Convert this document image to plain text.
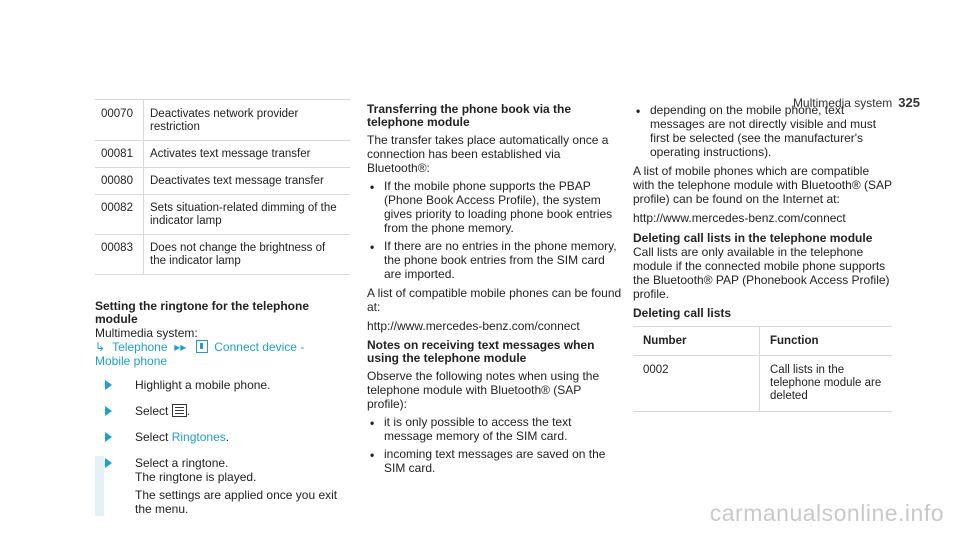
Multimedia system 325
00070	Deactivates network provider restriction
00081	Activates text message transfer
00080	Deactivates text message transfer
00082	Sets situation-related dimming of the indicator lamp
00083	Does not change the brightness of the indicator lamp
Setting the ringtone for the telephone module

Multimedia system:

↳ Telephone  ▸▸   Connect device -
Mobile phone

Highlight a mobile phone.
Select .
Select Ringtones.

Select a ringtone.

The ringtone is played.

The settings are applied once you exit the menu.

Transferring the phone book via the telephone module

The transfer takes place automatically once a connection has been established via Bluetooth®:

• If the mobile phone supports the PBAP (Phone Book Access Profile), the system gives priority to loading phone book entries from the phone memory.
• If there are no entries in the phone memory, the phone book entries from the SIM card are imported.

A list of compatible mobile phones can be found at:

http://www.mercedes-benz.com/connect

Notes on receiving text messages when using the telephone module

Observe the following notes when using the telephone module with Bluetooth® (SAP profile):

• it is only possible to access the text message memory of the SIM card.
• incoming text messages are saved on the SIM card.
• depending on the mobile phone, text messages are not directly visible and must first be selected (see the manufacturer's operating instructions).

A list of mobile phones which are compatible with the telephone module with Bluetooth® (SAP profile) can be found on the Internet at:

http://www.mercedes-benz.com/connect

Deleting call lists in the telephone module

Call lists are only available in the telephone module if the connected mobile phone supports the Bluetooth® PAP (Phonebook Access Profile) profile.

Deleting call lists
Number	Function
0002	Call lists in the telephone module are deleted
carmanualsonline.info
